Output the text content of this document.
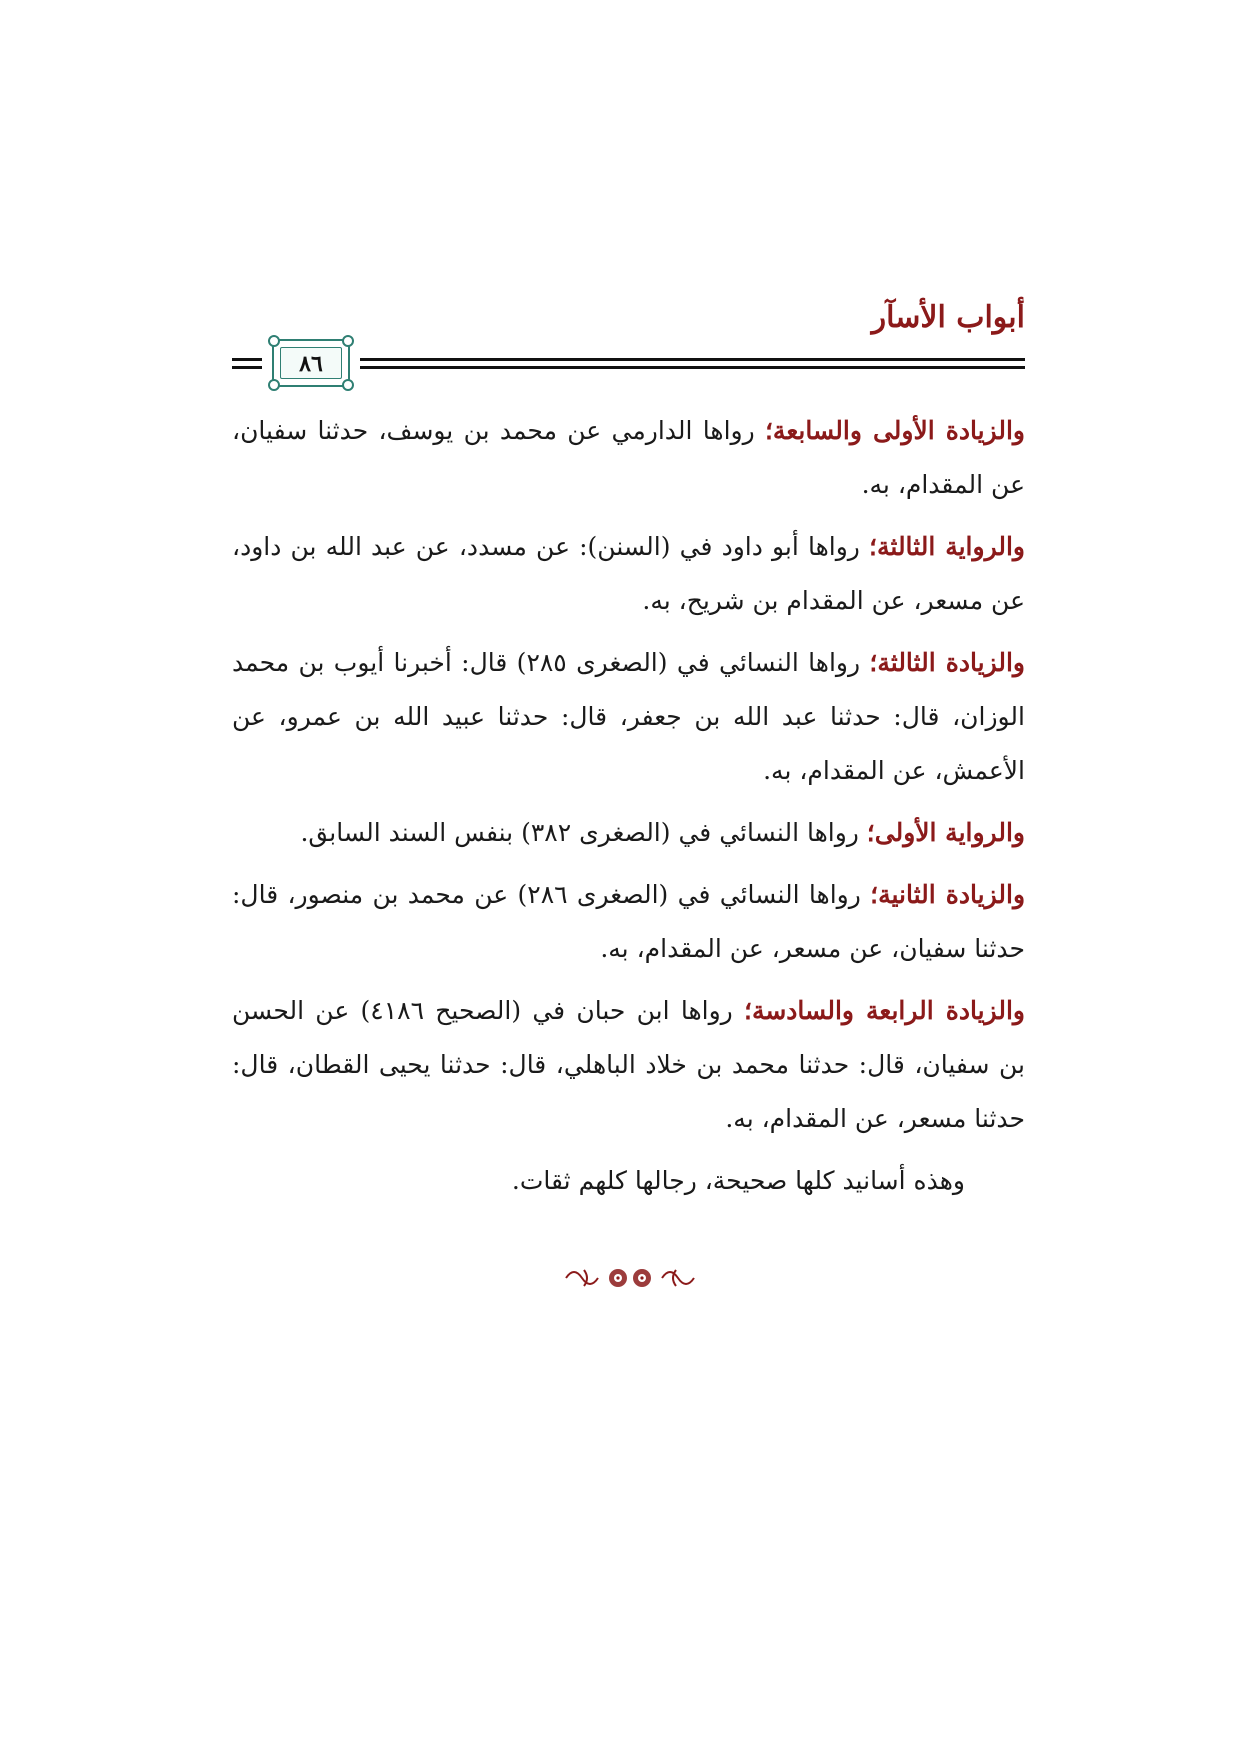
أبواب الأسآر
٨٦

والزيادة الأولى والسابعة؛ رواها الدارمي عن محمد بن يوسف، حدثنا سفيان، عن المقدام، به.

والرواية الثالثة؛ رواها أبو داود في (السنن): عن مسدد، عن عبد الله بن داود، عن مسعر، عن المقدام بن شريح، به.

والزيادة الثالثة؛ رواها النسائي في (الصغرى ٢٨٥) قال: أخبرنا أيوب بن محمد الوزان، قال: حدثنا عبد الله بن جعفر، قال: حدثنا عبيد الله بن عمرو، عن الأعمش، عن المقدام، به.

والرواية الأولى؛ رواها النسائي في (الصغرى ٣٨٢) بنفس السند السابق.

والزيادة الثانية؛ رواها النسائي في (الصغرى ٢٨٦) عن محمد بن منصور، قال: حدثنا سفيان، عن مسعر، عن المقدام، به.

والزيادة الرابعة والسادسة؛ رواها ابن حبان في (الصحيح ٤١٨٦) عن الحسن بن سفيان، قال: حدثنا محمد بن خلاد الباهلي، قال: حدثنا يحيى القطان، قال: حدثنا مسعر، عن المقدام، به.

وهذه أسانيد كلها صحيحة، رجالها كلهم ثقات.
